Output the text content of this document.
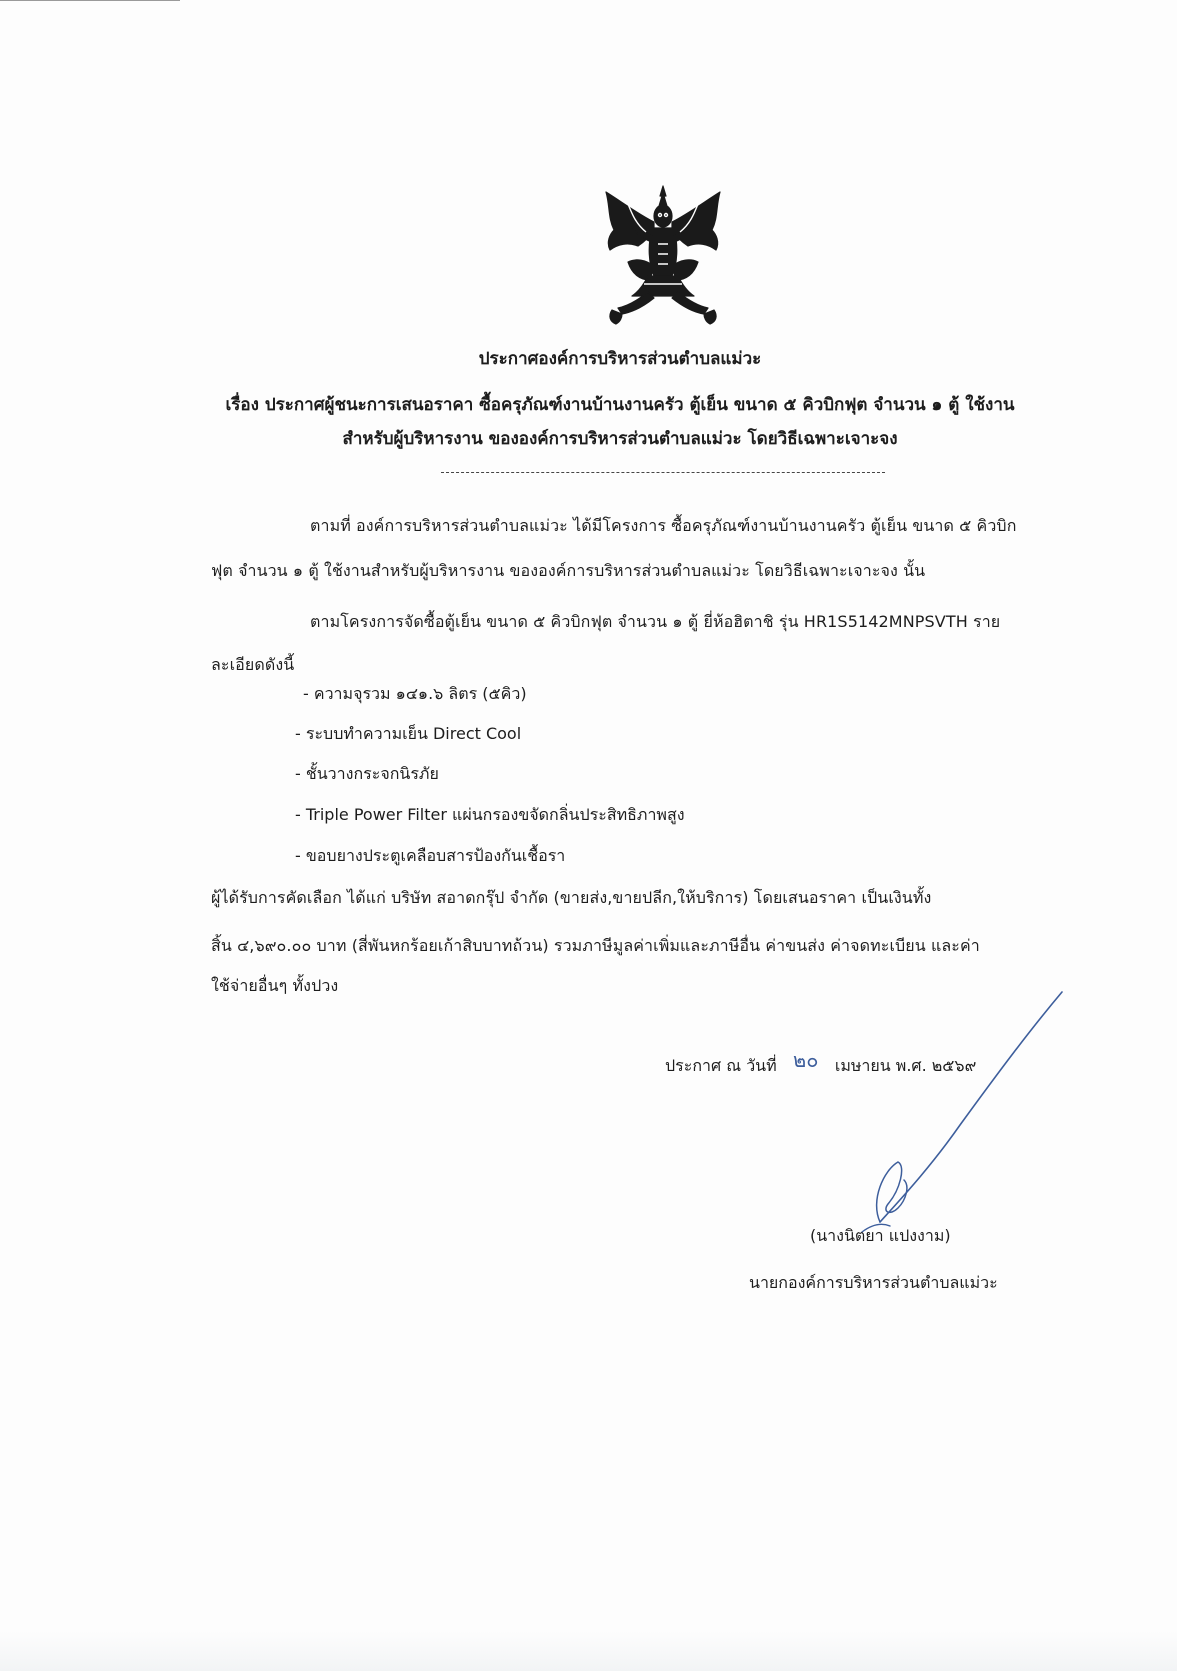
ประกาศองค์การบริหารส่วนตำบลแม่วะ
เรื่อง ประกาศผู้ชนะการเสนอราคา ซื้อครุภัณฑ์งานบ้านงานครัว ตู้เย็น ขนาด ๕ คิวบิกฟุต จำนวน ๑ ตู้ ใช้งาน
สำหรับผู้บริหารงาน ขององค์การบริหารส่วนตำบลแม่วะ โดยวิธีเฉพาะเจาะจง
ตามที่ องค์การบริหารส่วนตำบลแม่วะ ได้มีโครงการ ซื้อครุภัณฑ์งานบ้านงานครัว ตู้เย็น ขนาด ๕ คิวบิก
ฟุต จำนวน ๑ ตู้ ใช้งานสำหรับผู้บริหารงาน ขององค์การบริหารส่วนตำบลแม่วะ โดยวิธีเฉพาะเจาะจง นั้น
ตามโครงการจัดซื้อตู้เย็น ขนาด ๕ คิวบิกฟุต จำนวน ๑ ตู้ ยี่ห้อฮิตาชิ รุ่น HR1S5142MNPSVTH ราย
ละเอียดดังนี้
- ความจุรวม ๑๔๑.๖ ลิตร (๕คิว)
- ระบบทำความเย็น Direct Cool
- ชั้นวางกระจกนิรภัย
- Triple Power Filter แผ่นกรองขจัดกลิ่นประสิทธิภาพสูง
- ขอบยางประตูเคลือบสารป้องกันเชื้อรา
ผู้ได้รับการคัดเลือก ได้แก่ บริษัท สอาดกรุ๊ป จำกัด (ขายส่ง,ขายปลีก,ให้บริการ) โดยเสนอราคา เป็นเงินทั้ง
สิ้น ๔,๖๙๐.๐๐ บาท (สี่พันหกร้อยเก้าสิบบาทถ้วน) รวมภาษีมูลค่าเพิ่มและภาษีอื่น ค่าขนส่ง ค่าจดทะเบียน และค่า
ใช้จ่ายอื่นๆ ทั้งปวง
ประกาศ ณ วันที่ ๒๐ เมษายน พ.ศ. ๒๕๖๙
(นางนิตยา แปงงาม)
นายกองค์การบริหารส่วนตำบลแม่วะ
